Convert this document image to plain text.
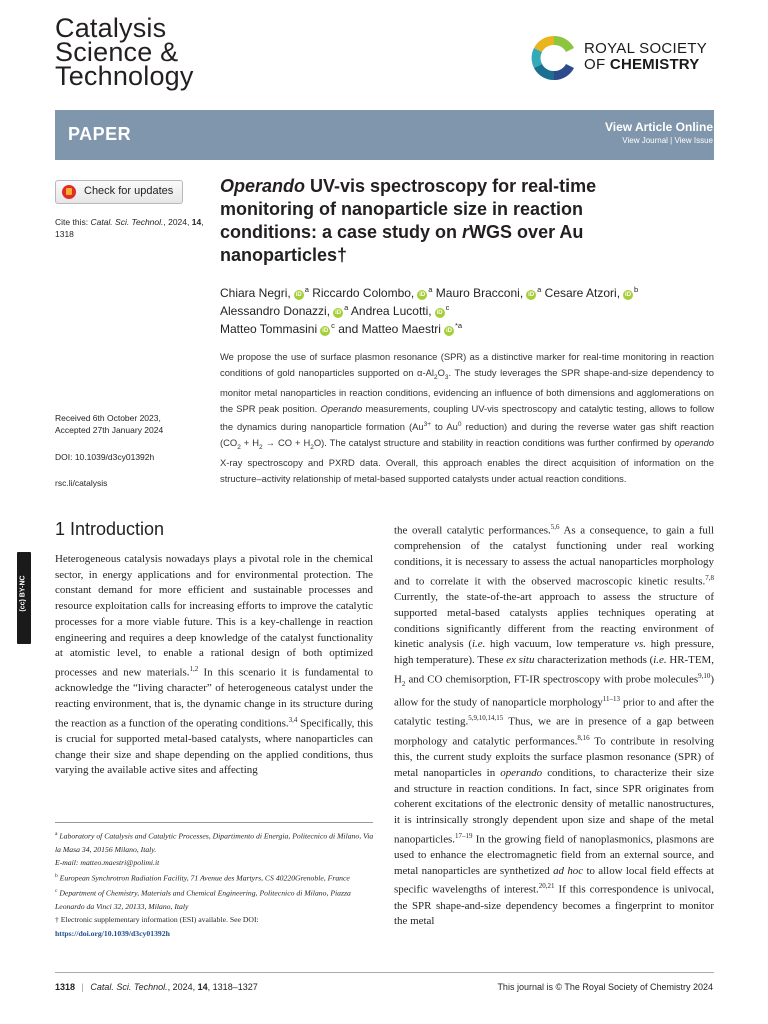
Catalysis
Science &
Technology
ROYAL SOCIETY
OF CHEMISTRY
PAPER	View Article Online
View Journal | View Issue
Check for updates
Cite this: Catal. Sci. Technol., 2024, 14, 1318
Received 6th October 2023,
Accepted 27th January 2024
DOI: 10.1039/d3cy01392h
rsc.li/catalysis
(cc) BY-NC
Operando UV-vis spectroscopy for real-time
monitoring of nanoparticle size in reaction
conditions: a case study on rWGS over Au
nanoparticles†
Chiara Negri, $iD^a$ Riccardo Colombo, $iD^a$ Mauro Bracconi, $iD^a$ Cesare Atzori, $iD^b$
Alessandro Donazzi, $iD^a$ Andrea Lucotti, $iD^c$
Matteo Tommasini $iD^c$ and Matteo Maestri $iD^{*a}$
We propose the use of surface plasmon resonance (SPR) as a distinctive marker for real-time monitoring in reaction conditions of gold nanoparticles supported on $\alpha-Al_2O_3$. The study leverages the SPR shape-and-size dependency to monitor metal nanoparticles in reaction conditions, evidencing an influence of both dimensions and agglomerations on the SPR peak position. Operando measurements, coupling UV-vis spectroscopy and catalytic testing, allows to follow the dynamics during nanoparticle formation ($Au^{3+}$ to Au$^0$ reduction) and during the reverse water gas shift reaction ($CO_2 + H_2$ → CO + $H_2O$). The catalyst structure and stability in reaction conditions was further confirmed by operando X-ray spectroscopy and PXRD data. Overall, this approach enables the direct acquisition of information on the structure–activity relationship of metal-based supported catalysts under actual reaction conditions.
1 Introduction
Heterogeneous catalysis nowadays plays a pivotal role in the chemical sector, in energy applications and for environmental protection. The constant demand for more efficient and sustainable processes and resource exploitation calls for increasing efforts to improve the catalytic processes for a more viable future. This is a key-challenge in reaction engineering and requires a deep knowledge of the catalyst functionality at atomistic level, to enable a rational design of both optimized processes and new materials.$^{1,2}$ In this scenario it is fundamental to acknowledge the “living character” of heterogeneous catalyst under the reacting environment, that is, the dynamic change in its structure during the reaction as a function of the operating conditions.$^{3,4}$ Specifically, this is crucial for supported metal-based catalysts, where nanoparticles can change their size and shape depending on the applied conditions, thus varying the available active sites and affecting
the overall catalytic performances.$^{5,6}$ As a consequence, to gain a full comprehension of the catalyst functioning under real working conditions, it is necessary to assess the actual nanoparticles morphology and to correlate it with the observed macroscopic kinetic results.$^{7,8}$ Currently, the state-of-the-art approach to assess the structure of supported metal-based catalysts applies techniques operating at conditions significantly different from the reacting environment of kinetic analysis (i.e. high vacuum, low temperature vs. high pressure, high temperature). These ex situ characterization methods (i.e. HR-TEM, $H_2$ and CO chemisorption, FT-IR spectroscopy with probe molecules$^{9,10}$) allow for the study of nanoparticle morphology$^{11-13}$ prior to and after the catalytic testing.$^{5,9,10,14,15}$ Thus, we are in presence of a gap between morphology and catalytic performances.$^{8,16}$ To contribute in resolving this, the current study exploits the surface plasmon resonance (SPR) of metal nanoparticles in operando conditions, to characterize their size and structure in reaction conditions. In fact, since SPR originates from coherent excitations of the electronic density of metallic nanostructures, it is intrinsically strongly dependent upon size and shape of the metal nanoparticles.$^{17-19}$ In the growing field of nanoplasmonics, plasmons are used to enhance the electromagnetic field from an external source, and metal nanoparticles are synthetized ad hoc to allow local field effects at specific wavelengths of interest.$^{20,21}$ If this correspondence is univocal, the SPR shape-and-size dependency becomes a fingerprint to monitor the metal
$^a$ Laboratory of Catalysis and Catalytic Processes, Dipartimento di Energia, Politecnico di Milano, Via la Masa 34, 20156 Milano, Italy.
E-mail: matteo.maestri@polimi.it
$^b$ European Synchrotron Radiation Facility, 71 Avenue des Martyrs, CS 40220Grenoble, France
$^c$ Department of Chemistry, Materials and Chemical Engineering, Politecnico di Milano, Piazza Leonardo da Vinci 32, 20133, Milano, Italy
† Electronic supplementary information (ESI) available. See DOI: https://doi.org/10.1039/d3cy01392h
1318 | Catal. Sci. Technol., 2024, 14, 1318–1327	This journal is © The Royal Society of Chemistry 2024
